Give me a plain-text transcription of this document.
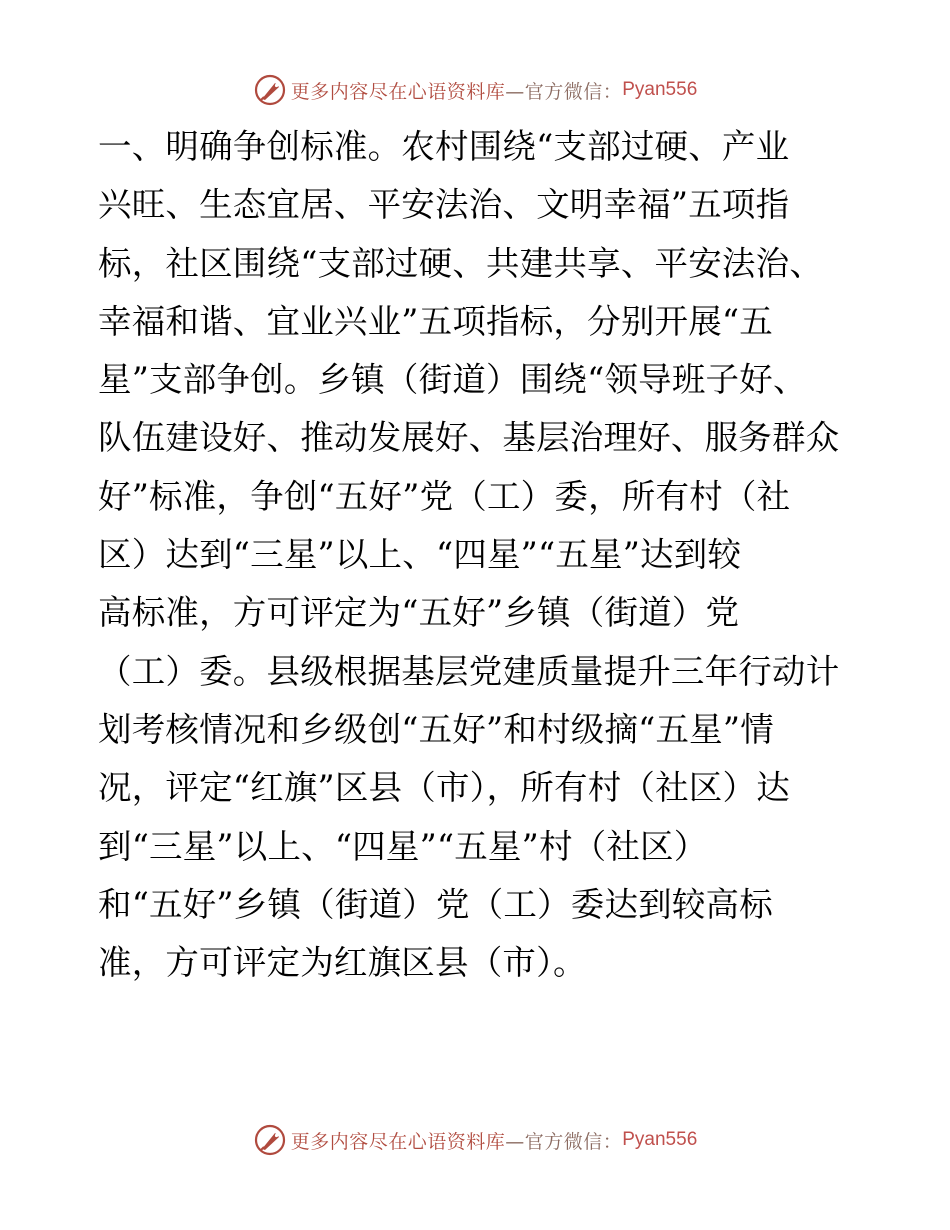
更多内容尽在心语资料库 —官方微信： Pyan556
一、明确争创标准。农村围绕“支部过硬、产业
兴旺、生态宜居、平安法治、文明幸福”五项指
标，社区围绕“支部过硬、共建共享、平安法治、
幸福和谐、宜业兴业”五项指标，分别开展“五
星”支部争创。乡镇（街道）围绕“领导班子好、
队伍建设好、推动发展好、基层治理好、服务群众
好”标准，争创“五好”党（工）委，所有村（社
区）达到“三星”以上、“四星”“五星”达到较
高标准，方可评定为“五好”乡镇（街道）党
（工）委。县级根据基层党建质量提升三年行动计
划考核情况和乡级创“五好”和村级摘“五星”情
况，评定“红旗”区县（市），所有村（社区）达
到“三星”以上、“四星”“五星”村（社区）
和“五好”乡镇（街道）党（工）委达到较高标
准，方可评定为红旗区县（市）。
更多内容尽在心语资料库 —官方微信： Pyan556
